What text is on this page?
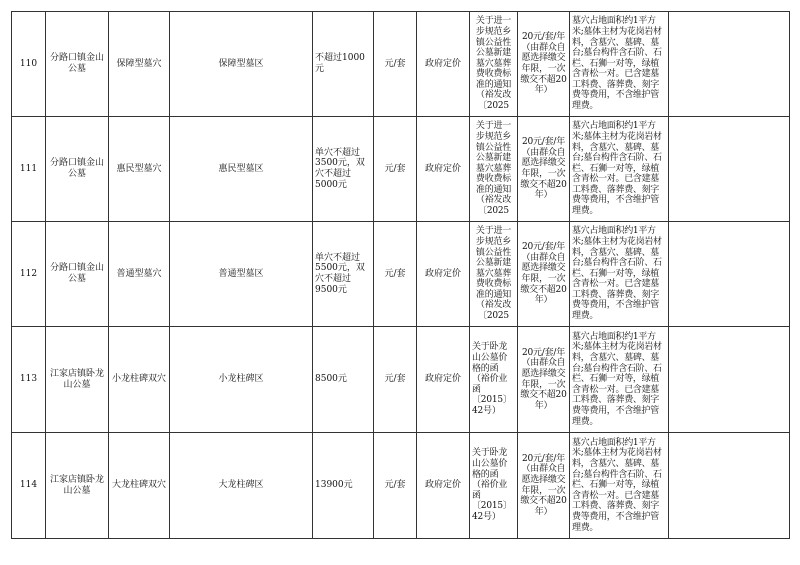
110	分路口镇金山公墓	保障型墓穴	保障型墓区	不超过1000元	元/套	政府定价	关于进一步规范乡镇公益性公墓新建墓穴墓葬费收费标准的通知（裕发改〔2025	20元/套/年（由群众自愿选择缴交年限，一次缴交不超20年）	墓穴占地面积约1平方米;墓体主材为花岗岩材料，含墓穴、墓碑、墓台;墓台构件含石阶、石栏、石狮一对等，绿植含青松一对。已含建墓工料费、落葬费、刻字费等费用，不含维护管理费。	
111	分路口镇金山公墓	惠民型墓穴	惠民型墓区	单穴不超过3500元，双穴不超过5000元	元/套	政府定价	关于进一步规范乡镇公益性公墓新建墓穴墓葬费收费标准的通知（裕发改〔2025	20元/套/年（由群众自愿选择缴交年限，一次缴交不超20年）	墓穴占地面积约1平方米;墓体主材为花岗岩材料，含墓穴、墓碑、墓台;墓台构件含石阶、石栏、石狮一对等，绿植含青松一对。已含建墓工料费、落葬费、刻字费等费用，不含维护管理费。	
112	分路口镇金山公墓	普通型墓穴	普通型墓区	单穴不超过5500元，双穴不超过9500元	元/套	政府定价	关于进一步规范乡镇公益性公墓新建墓穴墓葬费收费标准的通知（裕发改〔2025	20元/套/年（由群众自愿选择缴交年限，一次缴交不超20年）	墓穴占地面积约1平方米;墓体主材为花岗岩材料，含墓穴、墓碑、墓台;墓台构件含石阶、石栏、石狮一对等，绿植含青松一对。已含建墓工料费、落葬费、刻字费等费用，不含维护管理费。	
113	江家店镇卧龙山公墓	小龙柱碑双穴	小龙柱碑区	8500元	元/套	政府定价	关于卧龙山公墓价格的函（裕价业函〔2015〕42号）	20元/套/年（由群众自愿选择缴交年限，一次缴交不超20年）	墓穴占地面积约1平方米;墓体主材为花岗岩材料，含墓穴、墓碑、墓台;墓台构件含石阶、石栏、石狮一对等，绿植含青松一对。已含建墓工料费、落葬费、刻字费等费用，不含维护管理费。	
114	江家店镇卧龙山公墓	大龙柱碑双穴	大龙柱碑区	13900元	元/套	政府定价	关于卧龙山公墓价格的函（裕价业函〔2015〕42号）	20元/套/年（由群众自愿选择缴交年限，一次缴交不超20年）	墓穴占地面积约1平方米;墓体主材为花岗岩材料，含墓穴、墓碑、墓台;墓台构件含石阶、石栏、石狮一对等，绿植含青松一对。已含建墓工料费、落葬费、刻字费等费用，不含维护管理费。	
